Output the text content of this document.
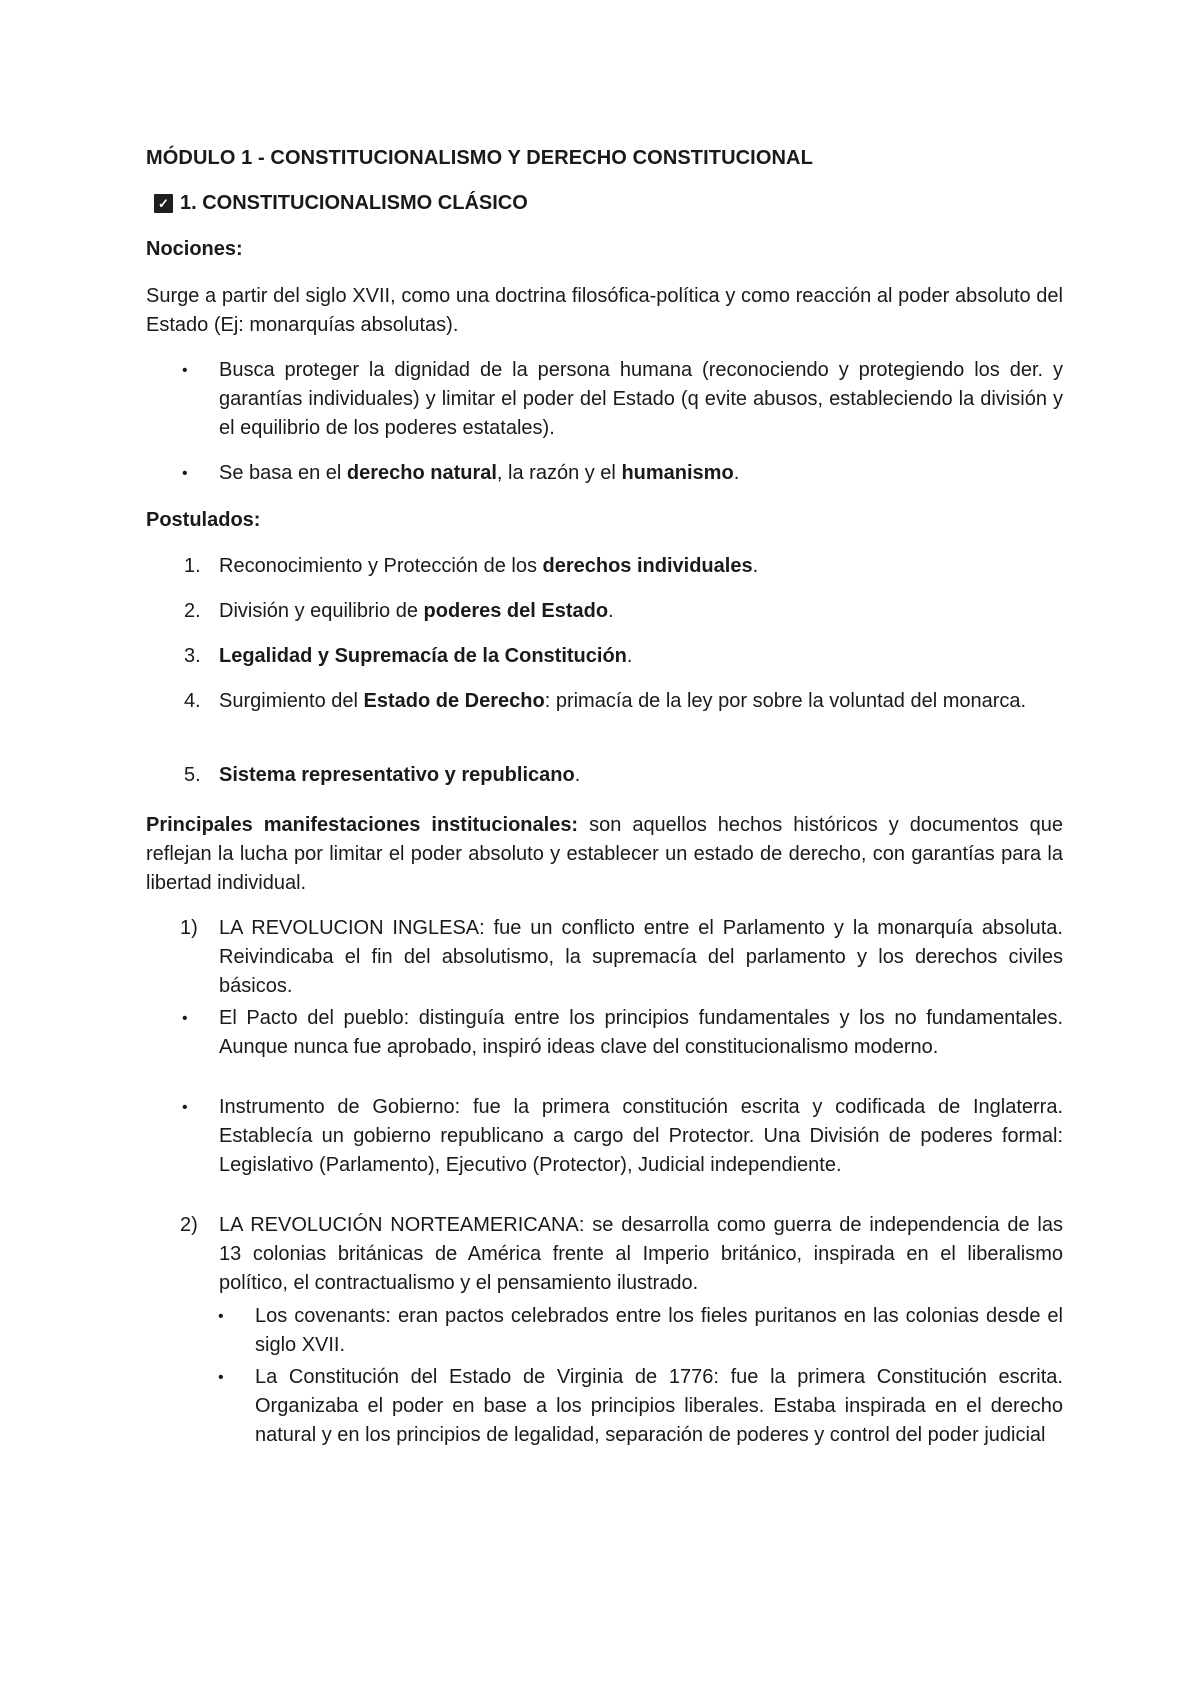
MÓDULO 1 - CONSTITUCIONALISMO Y DERECHO CONSTITUCIONAL
✓ 1. CONSTITUCIONALISMO CLÁSICO
Nociones:
Surge a partir del siglo XVII, como una doctrina filosófica-política y como reacción al poder absoluto del Estado (Ej: monarquías absolutas).
• Busca proteger la dignidad de la persona humana (reconociendo y protegiendo los der. y garantías individuales) y limitar el poder del Estado (q evite abusos, estableciendo la división y el equilibrio de los poderes estatales).
• Se basa en el derecho natural, la razón y el humanismo.
Postulados:
1. Reconocimiento y Protección de los derechos individuales.
2. División y equilibrio de poderes del Estado.
3. Legalidad y Supremacía de la Constitución.
4. Surgimiento del Estado de Derecho: primacía de la ley por sobre la voluntad del monarca.
5. Sistema representativo y republicano.
Principales manifestaciones institucionales: son aquellos hechos históricos y documentos que reflejan la lucha por limitar el poder absoluto y establecer un estado de derecho, con garantías para la libertad individual.
1) LA REVOLUCION INGLESA: fue un conflicto entre el Parlamento y la monarquía absoluta. Reivindicaba el fin del absolutismo, la supremacía del parlamento y los derechos civiles básicos.
• El Pacto del pueblo: distinguía entre los principios fundamentales y los no fundamentales. Aunque nunca fue aprobado, inspiró ideas clave del constitucionalismo moderno.
• Instrumento de Gobierno: fue la primera constitución escrita y codificada de Inglaterra. Establecía un gobierno republicano a cargo del Protector. Una División de poderes formal: Legislativo (Parlamento), Ejecutivo (Protector), Judicial independiente.
2) LA REVOLUCIÓN NORTEAMERICANA: se desarrolla como guerra de independencia de las 13 colonias británicas de América frente al Imperio británico, inspirada en el liberalismo político, el contractualismo y el pensamiento ilustrado.
• Los covenants: eran pactos celebrados entre los fieles puritanos en las colonias desde el siglo XVII.
• La Constitución del Estado de Virginia de 1776: fue la primera Constitución escrita. Organizaba el poder en base a los principios liberales. Estaba inspirada en el derecho natural y en los principios de legalidad, separación de poderes y control del poder judicial
